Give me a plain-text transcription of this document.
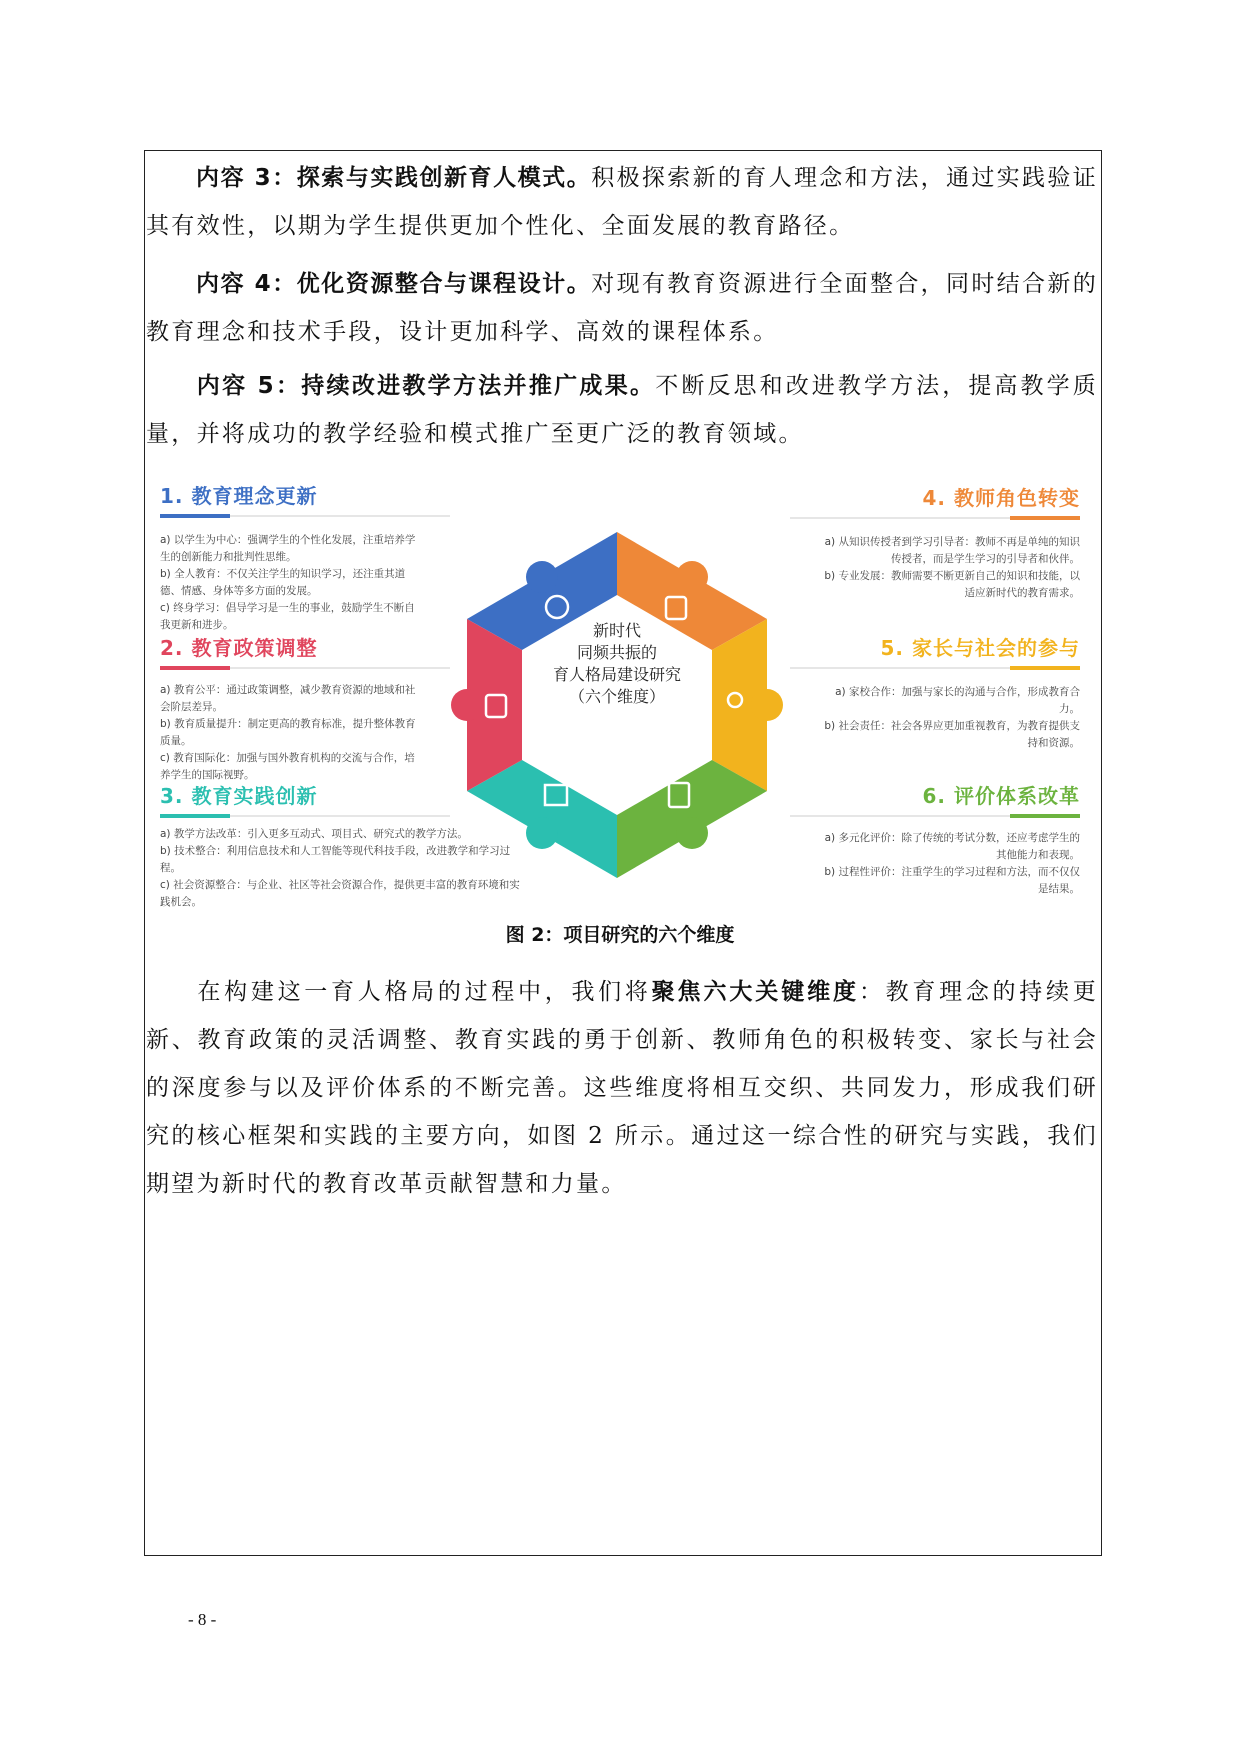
内容 3：探索与实践创新育人模式。积极探索新的育人理念和方法，通过实践验证其有效性，以期为学生提供更加个性化、全面发展的教育路径。
内容 4：优化资源整合与课程设计。对现有教育资源进行全面整合，同时结合新的教育理念和技术手段，设计更加科学、高效的课程体系。
内容 5：持续改进教学方法并推广成果。不断反思和改进教学方法，提高教学质量，并将成功的教学经验和模式推广至更广泛的教育领域。
新时代
同频共振的
育人格局建设研究
（六个维度）
1. 教育理念更新
a) 以学生为中心：强调学生的个性化发展，注重培养学生的创新能力和批判性思维。
b) 全人教育：不仅关注学生的知识学习，还注重其道德、情感、身体等多方面的发展。
c) 终身学习：倡导学习是一生的事业，鼓励学生不断自我更新和进步。
2. 教育政策调整
a) 教育公平：通过政策调整，减少教育资源的地域和社会阶层差异。
b) 教育质量提升：制定更高的教育标准，提升整体教育质量。
c) 教育国际化：加强与国外教育机构的交流与合作，培养学生的国际视野。
3. 教育实践创新
a) 教学方法改革：引入更多互动式、项目式、研究式的教学方法。
b) 技术整合：利用信息技术和人工智能等现代科技手段，改进教学和学习过程。
c) 社会资源整合：与企业、社区等社会资源合作，提供更丰富的教育环境和实践机会。
4. 教师角色转变
a) 从知识传授者到学习引导者：教师不再是单纯的知识传授者，而是学生学习的引导者和伙伴。
b) 专业发展：教师需要不断更新自己的知识和技能，以适应新时代的教育需求。
5. 家长与社会的参与
a) 家校合作：加强与家长的沟通与合作，形成教育合力。
b) 社会责任：社会各界应更加重视教育，为教育提供支持和资源。
6. 评价体系改革
a) 多元化评价：除了传统的考试分数，还应考虑学生的其他能力和表现。
b) 过程性评价：注重学生的学习过程和方法，而不仅仅是结果。
图 2：项目研究的六个维度
在构建这一育人格局的过程中，我们将聚焦六大关键维度：教育理念的持续更新、教育政策的灵活调整、教育实践的勇于创新、教师角色的积极转变、家长与社会的深度参与以及评价体系的不断完善。这些维度将相互交织、共同发力，形成我们研究的核心框架和实践的主要方向，如图 2 所示。通过这一综合性的研究与实践，我们期望为新时代的教育改革贡献智慧和力量。
- 8 -
